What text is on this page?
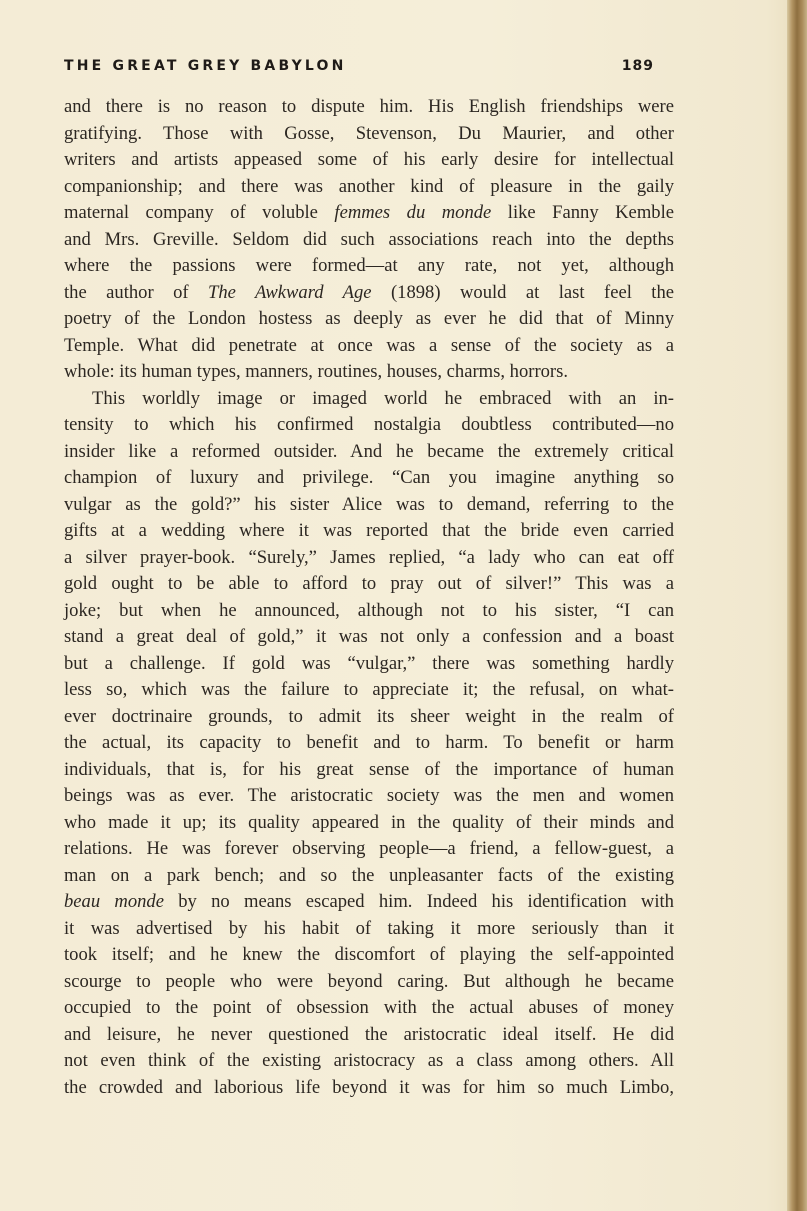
THE GREAT GREY BABYLON	189
and there is no reason to dispute him. His English friendships were
gratifying. Those with Gosse, Stevenson, Du Maurier, and other
writers and artists appeased some of his early desire for intellectual
companionship; and there was another kind of pleasure in the gaily
maternal company of voluble femmes du monde like Fanny Kemble
and Mrs. Greville. Seldom did such associations reach into the depths
where the passions were formed—at any rate, not yet, although
the author of The Awkward Age (1898) would at last feel the
poetry of the London hostess as deeply as ever he did that of Minny
Temple. What did penetrate at once was a sense of the society as a
whole: its human types, manners, routines, houses, charms, horrors.
This worldly image or imaged world he embraced with an in-
tensity to which his confirmed nostalgia doubtless contributed—no
insider like a reformed outsider. And he became the extremely critical
champion of luxury and privilege. “Can you imagine anything so
vulgar as the gold?” his sister Alice was to demand, referring to the
gifts at a wedding where it was reported that the bride even carried
a silver prayer-book. “Surely,” James replied, “a lady who can eat off
gold ought to be able to afford to pray out of silver!” This was a
joke; but when he announced, although not to his sister, “I can
stand a great deal of gold,” it was not only a confession and a boast
but a challenge. If gold was “vulgar,” there was something hardly
less so, which was the failure to appreciate it; the refusal, on what-
ever doctrinaire grounds, to admit its sheer weight in the realm of
the actual, its capacity to benefit and to harm. To benefit or harm
individuals, that is, for his great sense of the importance of human
beings was as ever. The aristocratic society was the men and women
who made it up; its quality appeared in the quality of their minds and
relations. He was forever observing people—a friend, a fellow-guest, a
man on a park bench; and so the unpleasanter facts of the existing
beau monde by no means escaped him. Indeed his identification with
it was advertised by his habit of taking it more seriously than it
took itself; and he knew the discomfort of playing the self-appointed
scourge to people who were beyond caring. But although he became
occupied to the point of obsession with the actual abuses of money
and leisure, he never questioned the aristocratic ideal itself. He did
not even think of the existing aristocracy as a class among others. All
the crowded and laborious life beyond it was for him so much Limbo,
